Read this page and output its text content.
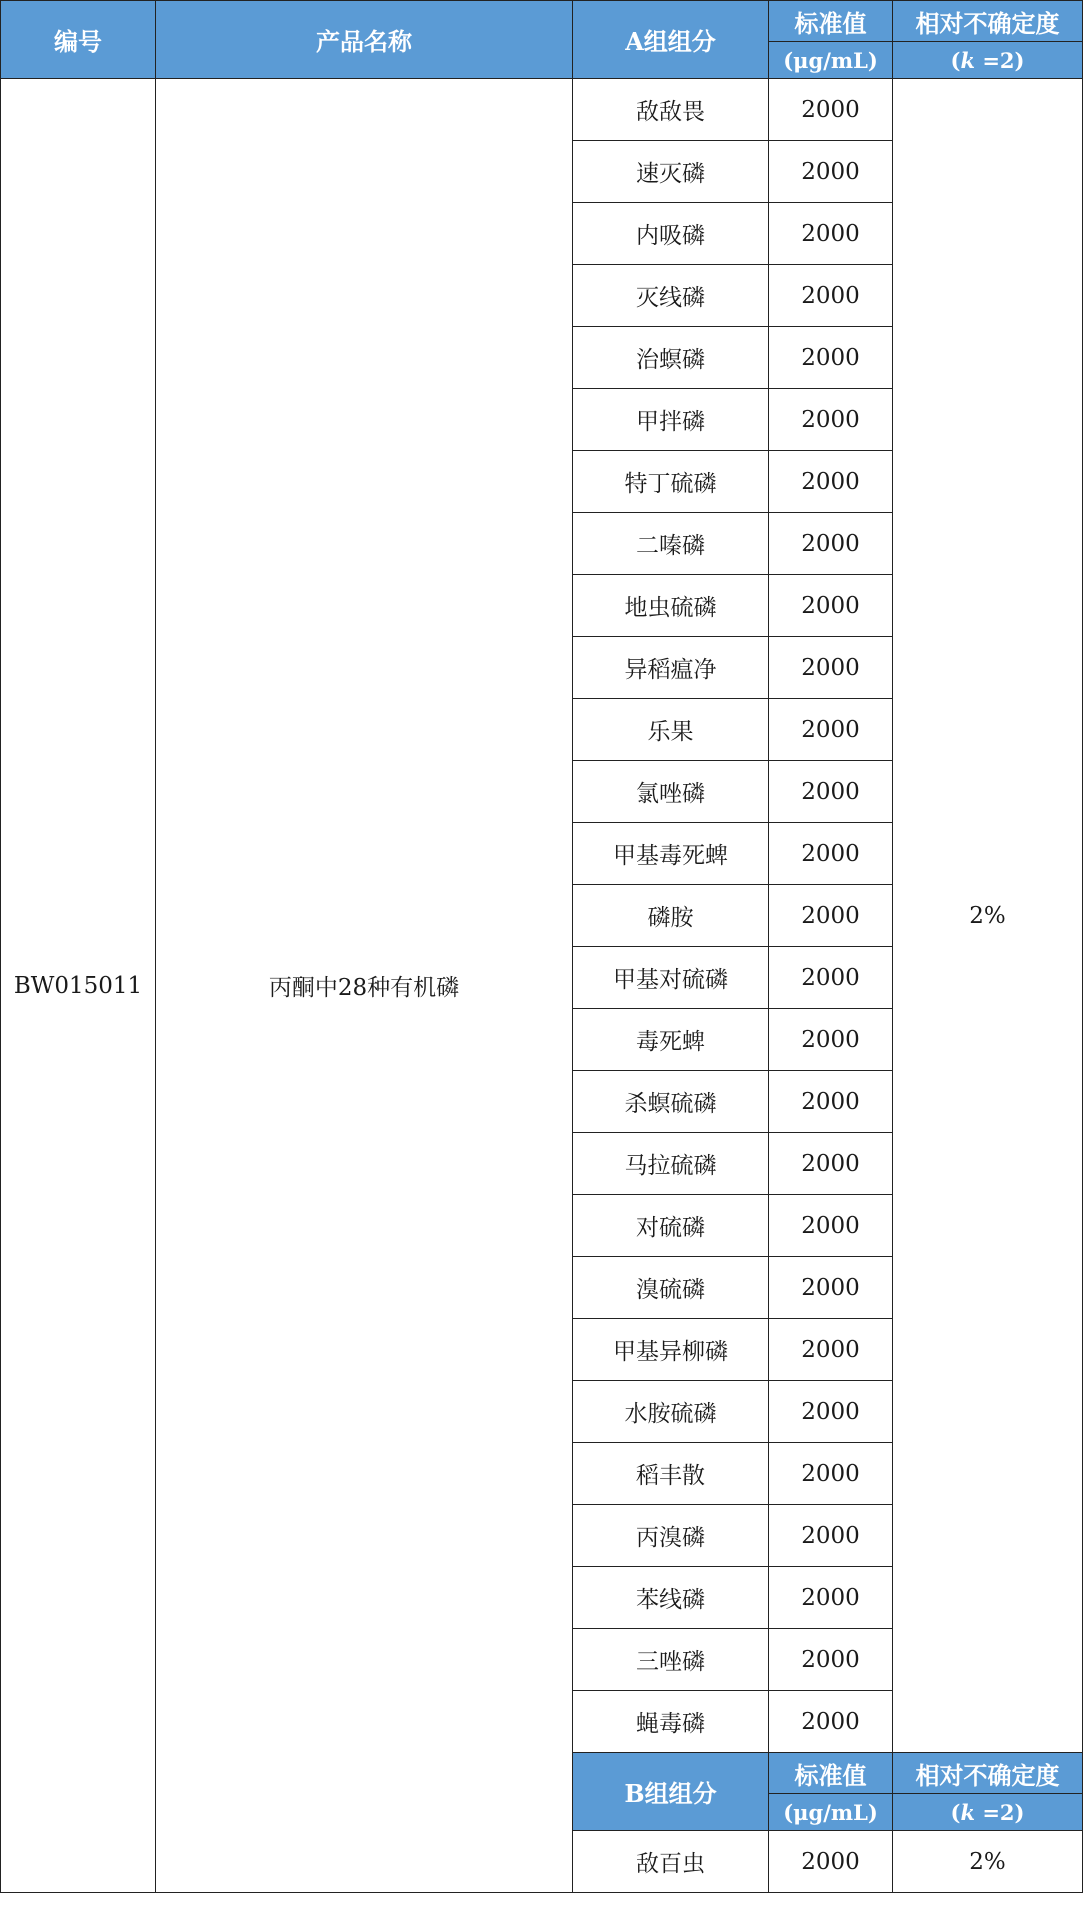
编号	产品名称	A组组分	标准值	相对不确定度
			(μg/mL)	(k =2)
BW015011	丙酮中28种有机磷	敌敌畏	2000	2%
		速灭磷	2000	
		内吸磷	2000	
		灭线磷	2000	
		治螟磷	2000	
		甲拌磷	2000	
		特丁硫磷	2000	
		二嗪磷	2000	
		地虫硫磷	2000	
		异稻瘟净	2000	
		乐果	2000	
		氯唑磷	2000	
		甲基毒死蜱	2000	
		磷胺	2000	
		甲基对硫磷	2000	
		毒死蜱	2000	
		杀螟硫磷	2000	
		马拉硫磷	2000	
		对硫磷	2000	
		溴硫磷	2000	
		甲基异柳磷	2000	
		水胺硫磷	2000	
		稻丰散	2000	
		丙溴磷	2000	
		苯线磷	2000	
		三唑磷	2000	
		蝇毒磷	2000	
		B组组分	标准值	相对不确定度
			(μg/mL)	(k =2)
		敌百虫	2000	2%
